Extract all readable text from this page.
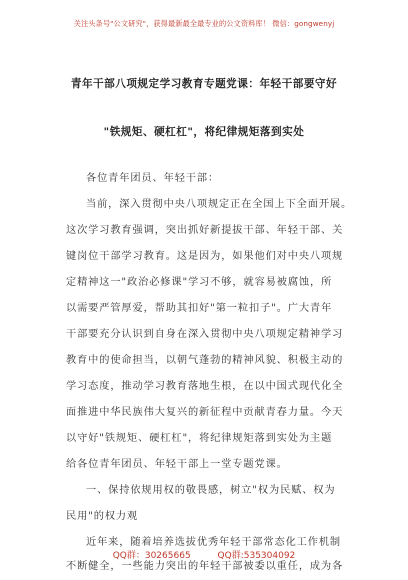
关注头条号"公文研究"，获得最新最全最专业的公文资料库！ 微信：gongwenyj
青年干部八项规定学习教育专题党课：年轻干部要守好
"铁规矩、硬杠杠"，将纪律规矩落到实处
各位青年团员、年轻干部：
当前，深入贯彻中央八项规定正在全国上下全面开展。
这次学习教育强调，突出抓好新提拔干部、年轻干部、关
键岗位干部学习教育。这是因为，如果他们对中央八项规
定精神这一"政治必修课"学习不够，就容易被腐蚀，所
以需要严管厚爱，帮助其扣好"第一粒扣子"。广大青年
干部要充分认识到自身在深入贯彻中央八项规定精神学习
教育中的使命担当，以朝气蓬勃的精神风貌、积极主动的
学习态度，推动学习教育落地生根，在以中国式现代化全
面推进中华民族伟大复兴的新征程中贡献青春力量。今天
以守好"铁规矩、硬杠杠"，将纪律规矩落到实处为主题
给各位青年团员、年轻干部上一堂专题党课。
一、保持依规用权的敬畏感，树立"权为民赋、权为
民用"的权力观
近年来，随着培养选拔优秀年轻干部常态化工作机制
不断健全，一些能力突出的年轻干部被委以重任，成为各
QQ群：30265665	QQ群:535304092
